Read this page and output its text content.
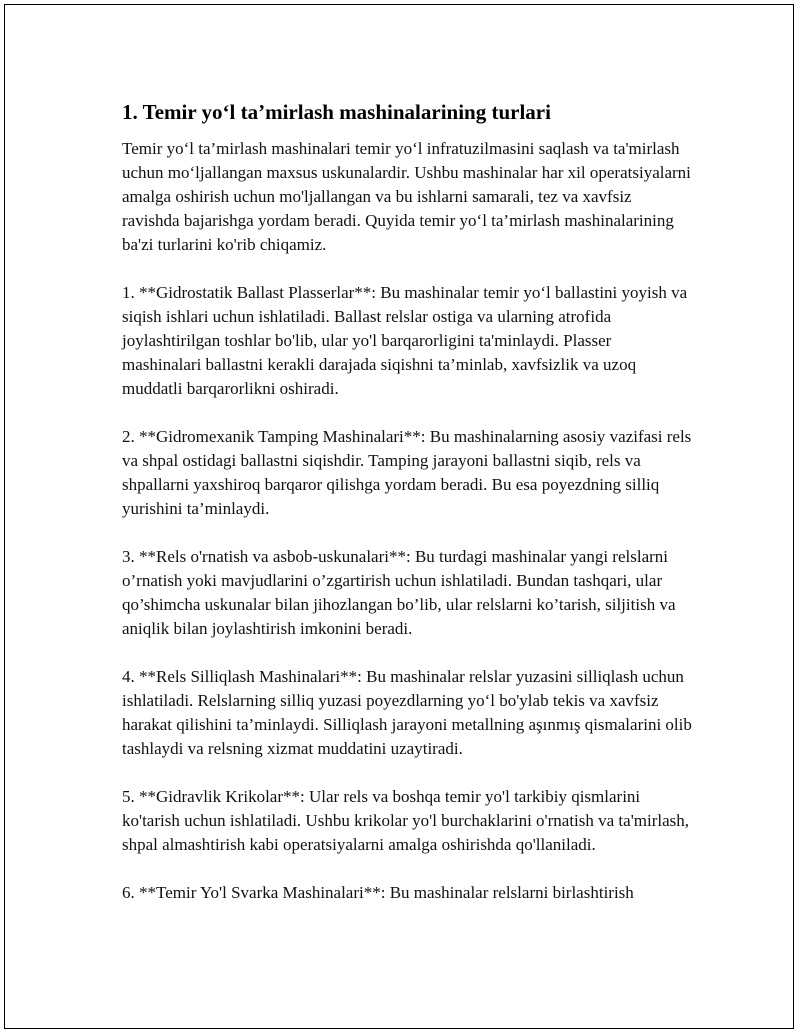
1. Temir yo‘l ta’mirlash mashinalarining turlari

Temir yo‘l ta’mirlash mashinalari temir yo‘l infratuzilmasini saqlash va ta'mirlash uchun mo‘ljallangan maxsus uskunalardir. Ushbu mashinalar har xil operatsiyalarni amalga oshirish uchun mo'ljallangan va bu ishlarni samarali, tez va xavfsiz ravishda bajarishga yordam beradi. Quyida temir yo‘l ta’mirlash mashinalarining ba'zi turlarini ko'rib chiqamiz.

1. **Gidrostatik Ballast Plasserlar**: Bu mashinalar temir yo‘l ballastini yoyish va siqish ishlari uchun ishlatiladi. Ballast relslar ostiga va ularning atrofida joylashtirilgan toshlar bo'lib, ular yo'l barqarorligini ta'minlaydi. Plasser mashinalari ballastni kerakli darajada siqishni ta’minlab, xavfsizlik va uzoq muddatli barqarorlikni oshiradi.

2. **Gidromexanik Tamping Mashinalari**: Bu mashinalarning asosiy vazifasi rels va shpal ostidagi ballastni siqishdir. Tamping jarayoni ballastni siqib, rels va shpallarni yaxshiroq barqaror qilishga yordam beradi. Bu esa poyezdning silliq yurishini ta’minlaydi.

3. **Rels o'rnatish va asbob-uskunalari**: Bu turdagi mashinalar yangi relslarni o’rnatish yoki mavjudlarini o’zgartirish uchun ishlatiladi. Bundan tashqari, ular qo’shimcha uskunalar bilan jihozlangan bo’lib, ular relslarni ko’tarish, siljitish va aniqlik bilan joylashtirish imkonini beradi.

4. **Rels Silliqlash Mashinalari**: Bu mashinalar relslar yuzasini silliqlash uchun ishlatiladi. Relslarning silliq yuzasi poyezdlarning yo‘l bo'ylab tekis va xavfsiz harakat qilishini ta’minlaydi. Silliqlash jarayoni metallning aşınmış qismalarini olib tashlaydi va relsning xizmat muddatini uzaytiradi.

5. **Gidravlik Krikolar**: Ular rels va boshqa temir yo'l tarkibiy qismlarini ko'tarish uchun ishlatiladi. Ushbu krikolar yo'l burchaklarini o'rnatish va ta'mirlash, shpal almashtirish kabi operatsiyalarni amalga oshirishda qo'llaniladi.

6. **Temir Yo'l Svarka Mashinalari**: Bu mashinalar relslarni birlashtirish
